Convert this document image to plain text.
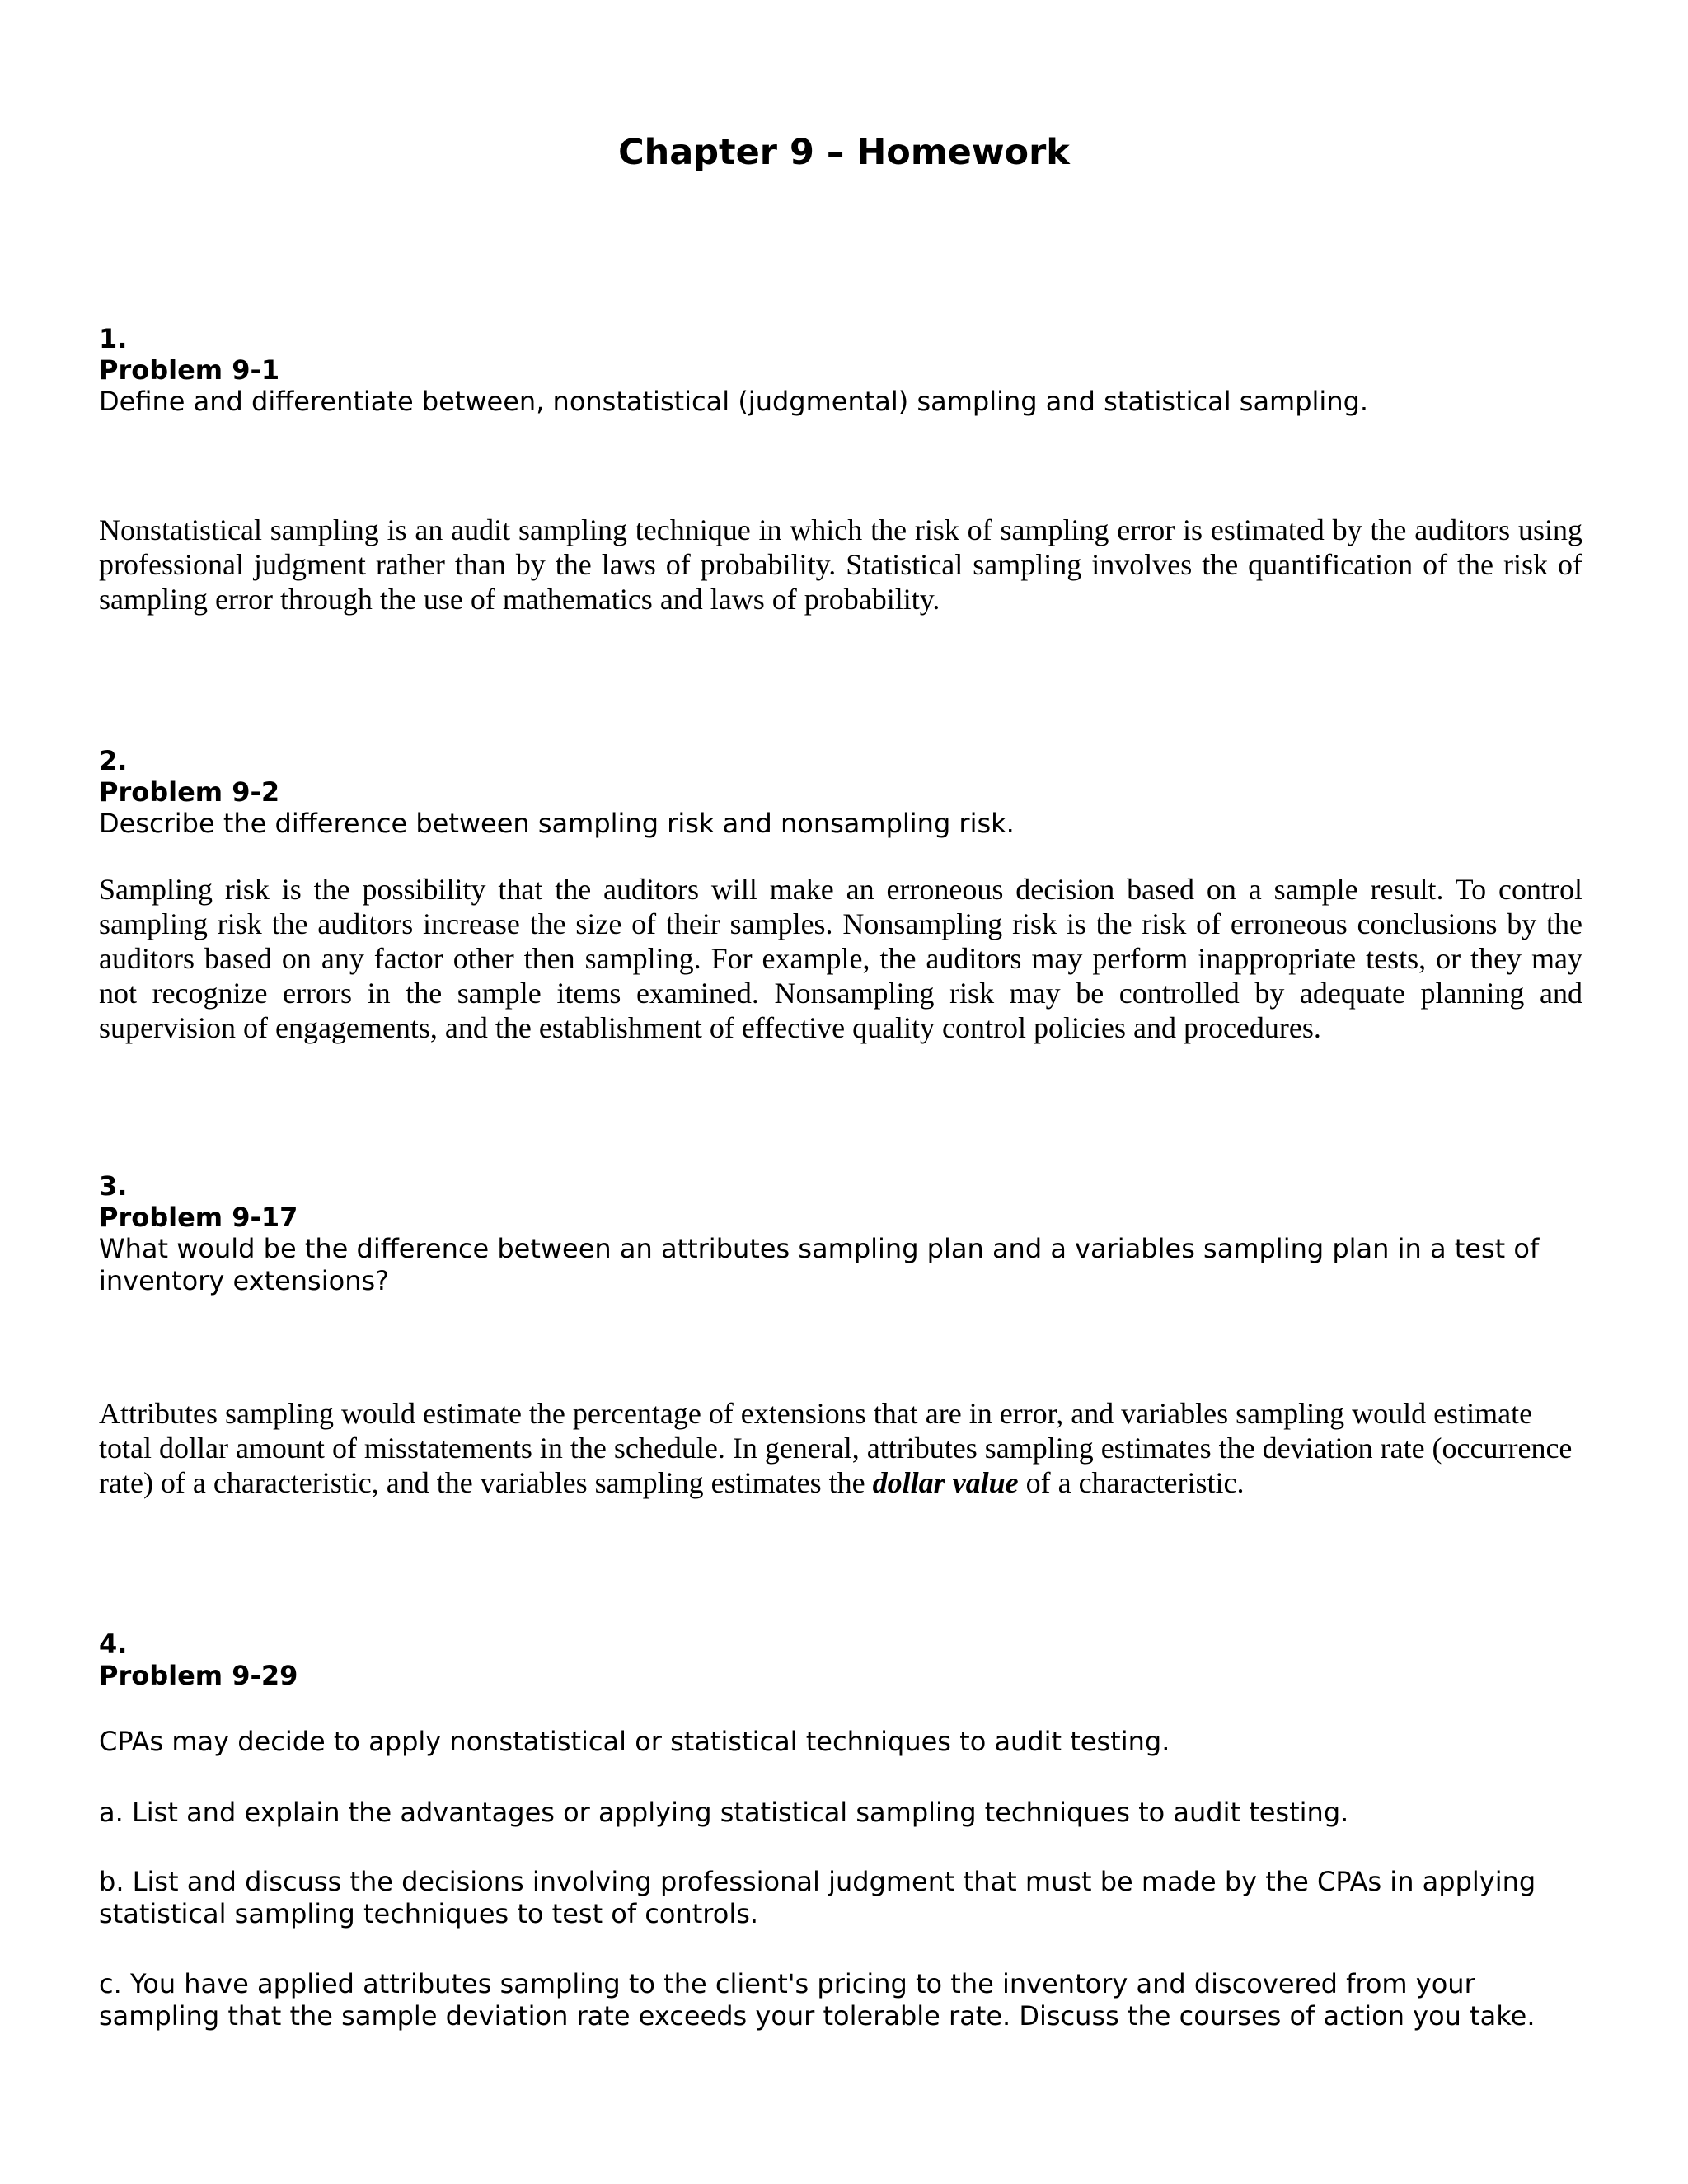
Chapter 9 – Homework
1.
Problem 9-1
Define and differentiate between, nonstatistical (judgmental) sampling and statistical sampling.
Nonstatistical sampling is an audit sampling technique in which the risk of sampling error is estimated by the auditors using professional judgment rather than by the laws of probability. Statistical sampling involves the quantification of the risk of sampling error through the use of mathematics and laws of probability.
2.
Problem 9-2
Describe the difference between sampling risk and nonsampling risk.
Sampling risk is the possibility that the auditors will make an erroneous decision based on a sample result. To control sampling risk the auditors increase the size of their samples. Nonsampling risk is the risk of erroneous conclusions by the auditors based on any factor other then sampling. For example, the auditors may perform inappropriate tests, or they may not recognize errors in the sample items examined. Nonsampling risk may be controlled by adequate planning and supervision of engagements, and the establishment of effective quality control policies and procedures.
3.
Problem 9-17
What would be the difference between an attributes sampling plan and a variables sampling plan in a test of inventory extensions?
Attributes sampling would estimate the percentage of extensions that are in error, and variables sampling would estimate total dollar amount of misstatements in the schedule. In general, attributes sampling estimates the deviation rate (occurrence rate) of a characteristic, and the variables sampling estimates the dollar value of a characteristic.
4.
Problem 9-29
CPAs may decide to apply nonstatistical or statistical techniques to audit testing.
a. List and explain the advantages or applying statistical sampling techniques to audit testing.
b. List and discuss the decisions involving professional judgment that must be made by the CPAs in applying statistical sampling techniques to test of controls.
c. You have applied attributes sampling to the client's pricing to the inventory and discovered from your sampling that the sample deviation rate exceeds your tolerable rate. Discuss the courses of action you take.
